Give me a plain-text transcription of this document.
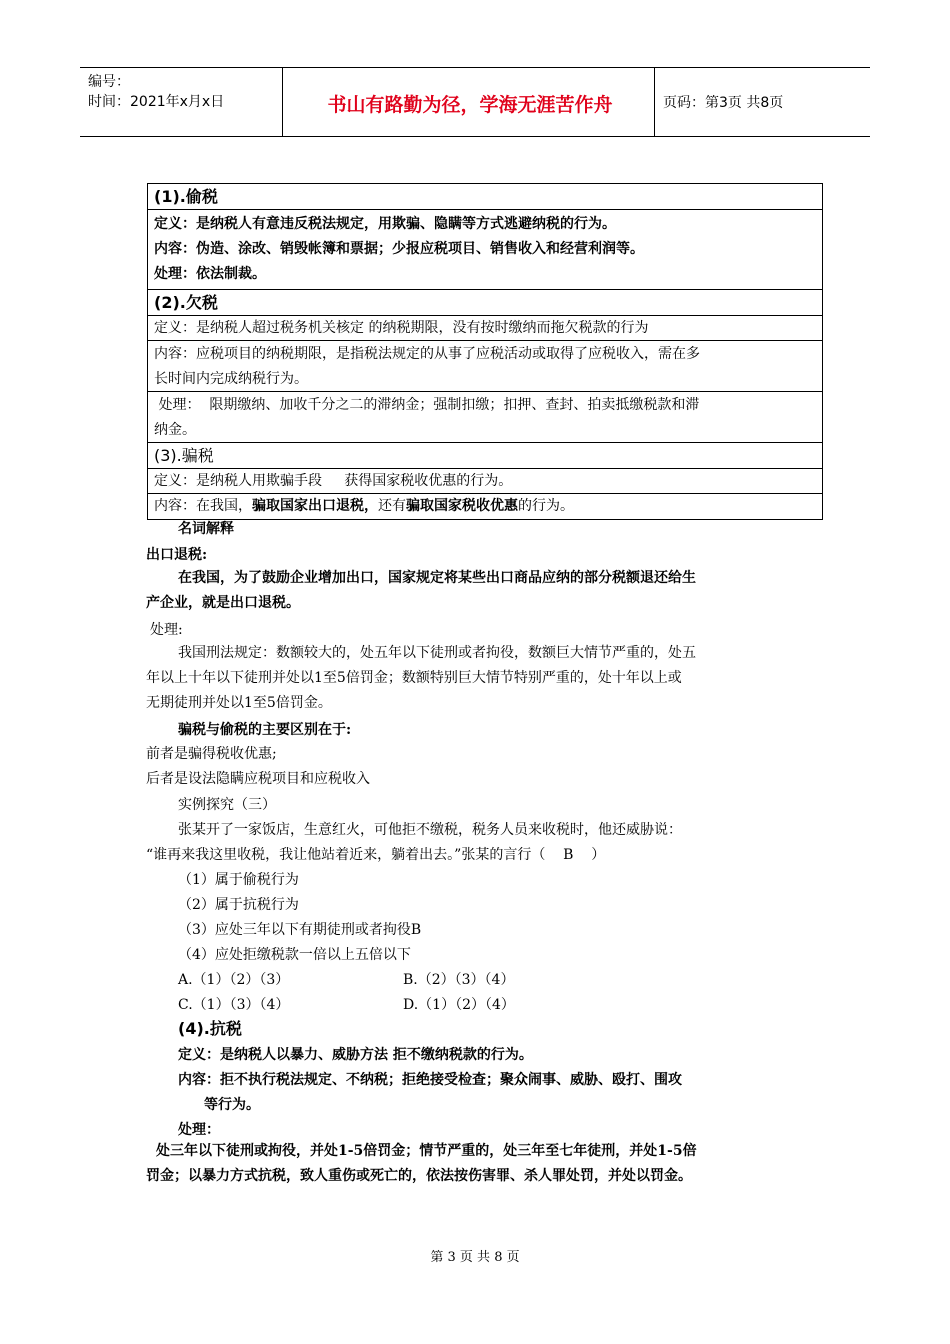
编号：
时间：2021年x月x日	书山有路勤为径，学海无涯苦作舟	页码：第3页 共8页
(1).偷税
定义：是纳税人有意违反税法规定，用欺骗、隐瞒等方式逃避纳税的行为。
内容：伪造、涂改、销毁帐簿和票据；少报应税项目、销售收入和经营利润等。
处理：依法制裁。
(2).欠税
定义：是纳税人超过税务机关核定 的纳税期限，没有按时缴纳而拖欠税款的行为
内容：应税项目的纳税期限，是指税法规定的从事了应税活动或取得了应税收入，需在多
长时间内完成纳税行为。
处理：  限期缴纳、加收千分之二的滞纳金；强制扣缴；扣押、查封、拍卖抵缴税款和滞
纳金。
(3).骗税
定义：是纳税人用欺骗手段     获得国家税收优惠的行为。
内容：在我国，骗取国家出口退税，还有骗取国家税收优惠的行为。
名词解释
出口退税:
在我国，为了鼓励企业增加出口，国家规定将某些出口商品应纳的部分税额退还给生
产企业，就是出口退税。
处理:
我国刑法规定：数额较大的，处五年以下徒刑或者拘役，数额巨大情节严重的，处五
年以上十年以下徒刑并处以1至5倍罚金；数额特别巨大情节特别严重的，处十年以上或
无期徒刑并处以1至5倍罚金。
骗税与偷税的主要区别在于:
前者是骗得税收优惠;
后者是设法隐瞒应税项目和应税收入
实例探究（三）
张某开了一家饭店，生意红火，可他拒不缴税，税务人员来收税时，他还威胁说：
“谁再来我这里收税，我让他站着近来，躺着出去。”张某的言行（    B    ）
（1）属于偷税行为
（2）属于抗税行为
（3）应处三年以下有期徒刑或者拘役B
（4）应处拒缴税款一倍以上五倍以下
A.（1）（2）（3）	B.（2）（3）（4）
C.（1）（3）（4）	D.（1）（2）（4）
(4).抗税
定义：是纳税人以暴力、威胁方法 拒不缴纳税款的行为。
内容：拒不执行税法规定、不纳税；拒绝接受检查；聚众闹事、威胁、殴打、围攻
等行为。
处理：
处三年以下徒刑或拘役，并处1-5倍罚金；情节严重的，处三年至七年徒刑，并处1-5倍
罚金；以暴力方式抗税，致人重伤或死亡的，依法按伤害罪、杀人罪处罚，并处以罚金。
第 3 页 共 8 页
